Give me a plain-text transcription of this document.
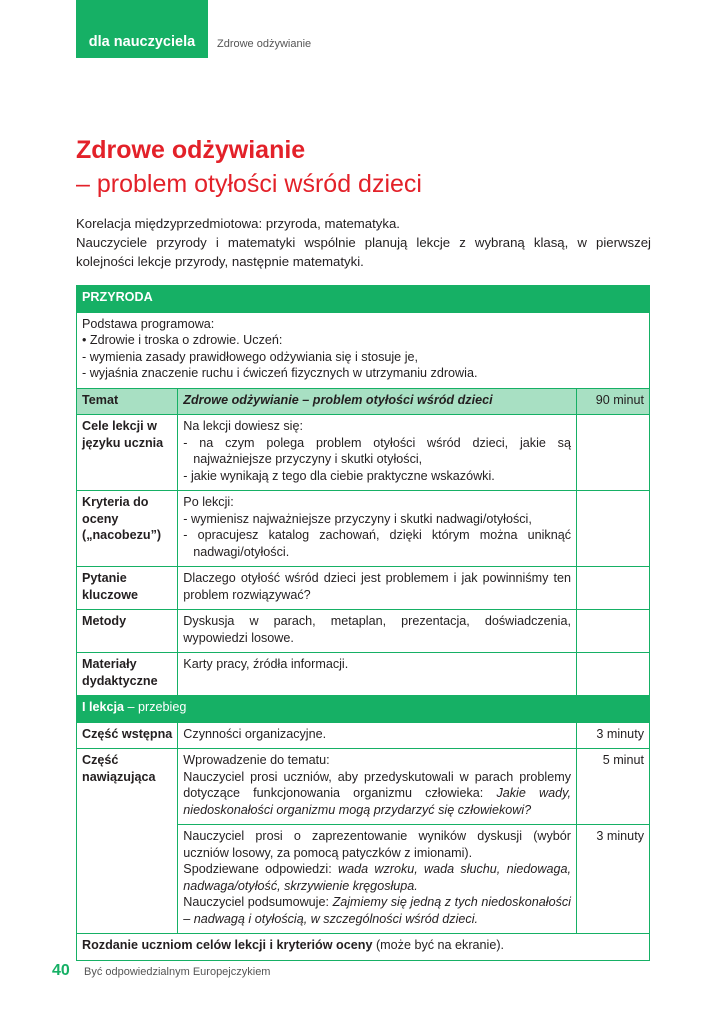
dla nauczyciela	Zdrowe odżywianie
Zdrowe odżywianie
– problem otyłości wśród dzieci

Korelacja międzyprzedmiotowa: przyroda, matematyka.

Nauczyciele przyrody i matematyki wspólnie planują lekcje z wybraną klasą, w pierwszej kolejności lekcje przyrody, następnie matematyki.

PRZYRODA		

Podstawa programowa:
• Zdrowie i troska o zdrowie. Uczeń:
- wymienia zasady prawidłowego odżywiania się i stosuje je,
- wyjaśnia znaczenie ruchu i ćwiczeń fizycznych w utrzymaniu zdrowia.		

Temat	Zdrowe odżywianie – problem otyłości wśród dzieci	90 minut
Cele lekcji w języku ucznia	Na lekcji dowiesz się:
- na czym polega problem otyłości wśród dzieci, jakie są najważniejsze przyczyny i skutki otyłości,
- jakie wynikają z tego dla ciebie praktyczne wskazówki.	

Kryteria do oceny („nacobezu”)	Po lekcji:
- wymienisz najważniejsze przyczyny i skutki nadwagi/otyłości,
- opracujesz katalog zachowań, dzięki którym można uniknąć nadwagi/otyłości.	

Pytanie kluczowe	Dlaczego otyłość wśród dzieci jest problemem i jak powinniśmy ten problem rozwiązywać?	
Metody	Dyskusja w parach, metaplan, prezentacja, doświadczenia, wypowiedzi losowe.	
Materiały dydaktyczne	Karty pracy, źródła informacji.	
I lekcja – przebieg		
Część wstępna	Czynności organizacyjne.	3 minuty
Część nawiązująca	Wprowadzenie do tematu:
Nauczyciel prosi uczniów, aby przedyskutowali w parach problemy dotyczące funkcjonowania organizmu człowieka: Jakie wady, niedoskonałości organizmu mogą przydarzyć się człowiekowi?	5 minut

	Nauczyciel prosi o zaprezentowanie wyników dyskusji (wybór uczniów losowy, za pomocą patyczków z imionami).
Spodziewane odpowiedzi: wada wzroku, wada słuchu, niedowaga, nadwaga/otyłość, skrzywienie kręgosłupa.
Nauczyciel podsumowuje: Zajmiemy się jedną z tych niedoskonałości – nadwagą i otyłością, w szczególności wśród dzieci.	3 minuty
Rozdanie uczniom celów lekcji i kryteriów oceny (może być na ekranie).		
40 Być odpowiedzialnym Europejczykiem
